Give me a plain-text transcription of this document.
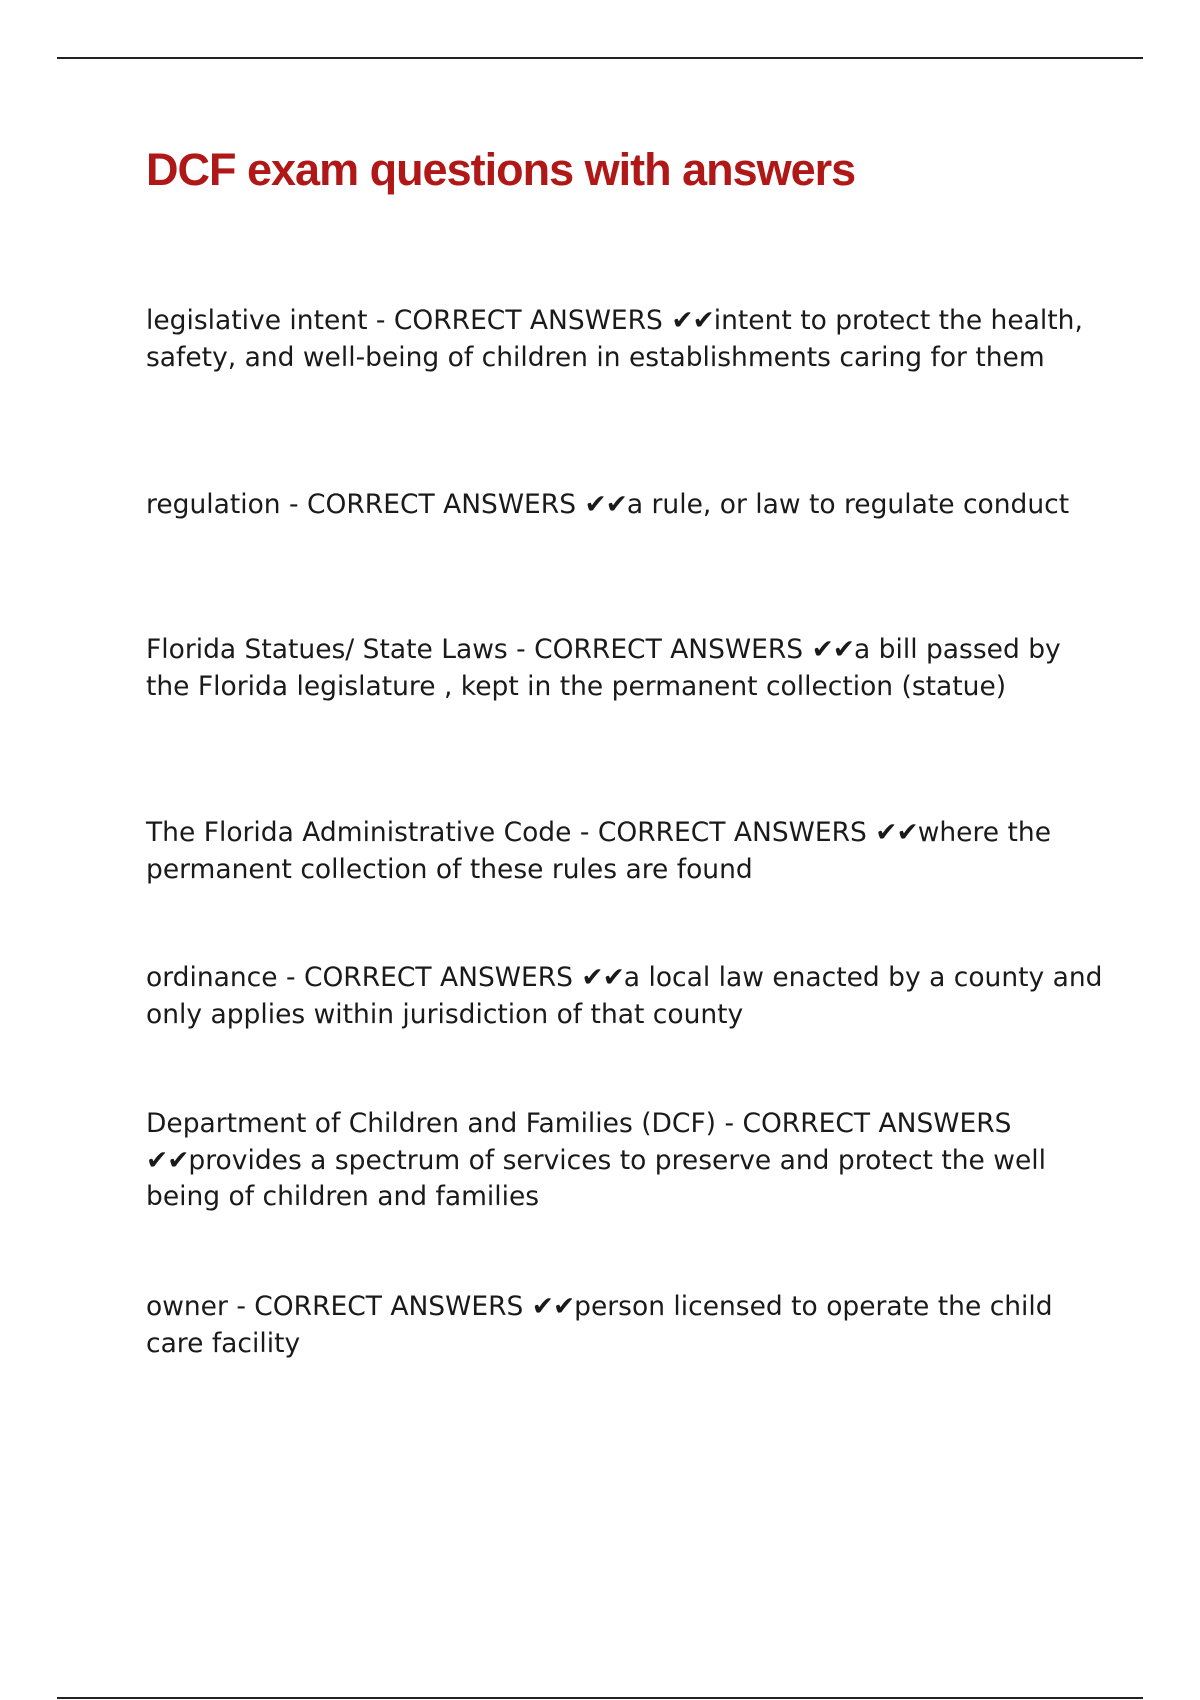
DCF exam questions with answers

legislative intent - CORRECT ANSWERS ✔✔intent to protect the health, safety, and well-being of children in establishments caring for them

regulation - CORRECT ANSWERS ✔✔a rule, or law to regulate conduct

Florida Statues/ State Laws - CORRECT ANSWERS ✔✔a bill passed by the Florida legislature , kept in the permanent collection (statue)

The Florida Administrative Code - CORRECT ANSWERS ✔✔where the permanent collection of these rules are found

ordinance - CORRECT ANSWERS ✔✔a local law enacted by a county and only applies within jurisdiction of that county

Department of Children and Families (DCF) - CORRECT ANSWERS ✔✔provides a spectrum of services to preserve and protect the well being of children and families

owner - CORRECT ANSWERS ✔✔person licensed to operate the child care facility
